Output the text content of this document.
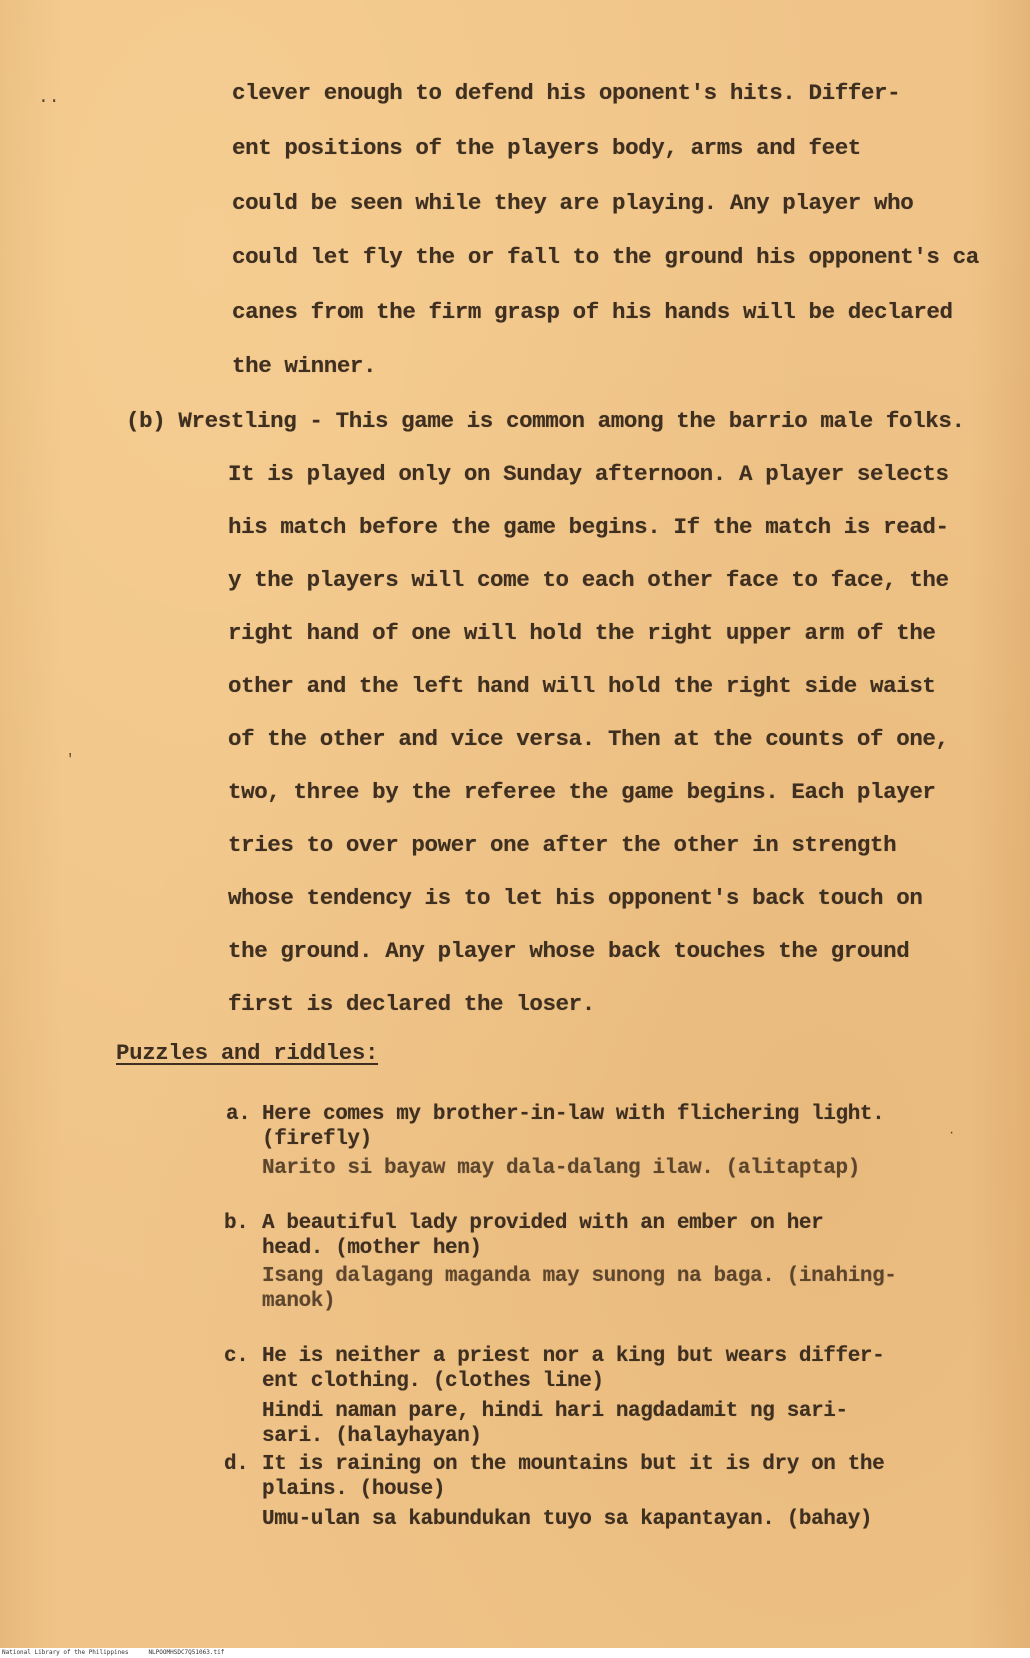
··
′
·
clever enough to defend his oponent's hits. Differ-
ent positions of the players body, arms and feet
could be seen while they are playing. Any player who
could let fly the or fall to the ground his opponent's ca
canes from the firm grasp of his hands will be declared
the winner.
(b) Wrestling - This game is common among the barrio male folks.
It is played only on Sunday afternoon. A player selects
his match before the game begins. If the match is read-
y the players will come to each other face to face, the
right hand of one will hold the right upper arm of the
other and the left hand will hold the right side waist
of the other and vice versa. Then at the counts of one,
two, three by the referee the game begins. Each player
tries to over power one after the other in strength
whose tendency is to let his opponent's back touch on
the ground. Any player whose back touches the ground
first is declared the loser.
Puzzles and riddles:
a. Here comes my brother-in-law with flichering light.
(firefly)
Narito si bayaw may dala-dalang ilaw. (alitaptap)
b. A beautiful lady provided with an ember on her
head. (mother hen)
Isang dalagang maganda may sunong na baga. (inahing-
manok)
c. He is neither a priest nor a king but wears differ-
ent clothing. (clothes line)
Hindi naman pare, hindi hari nagdadamit ng sari-
sari. (halayhayan)
d. It is raining on the mountains but it is dry on the
plains. (house)
Umu-ulan sa kabundukan tuyo sa kapantayan. (bahay)
National Library of the Philippines	NLPOOMHSDC7Q51063.tif
